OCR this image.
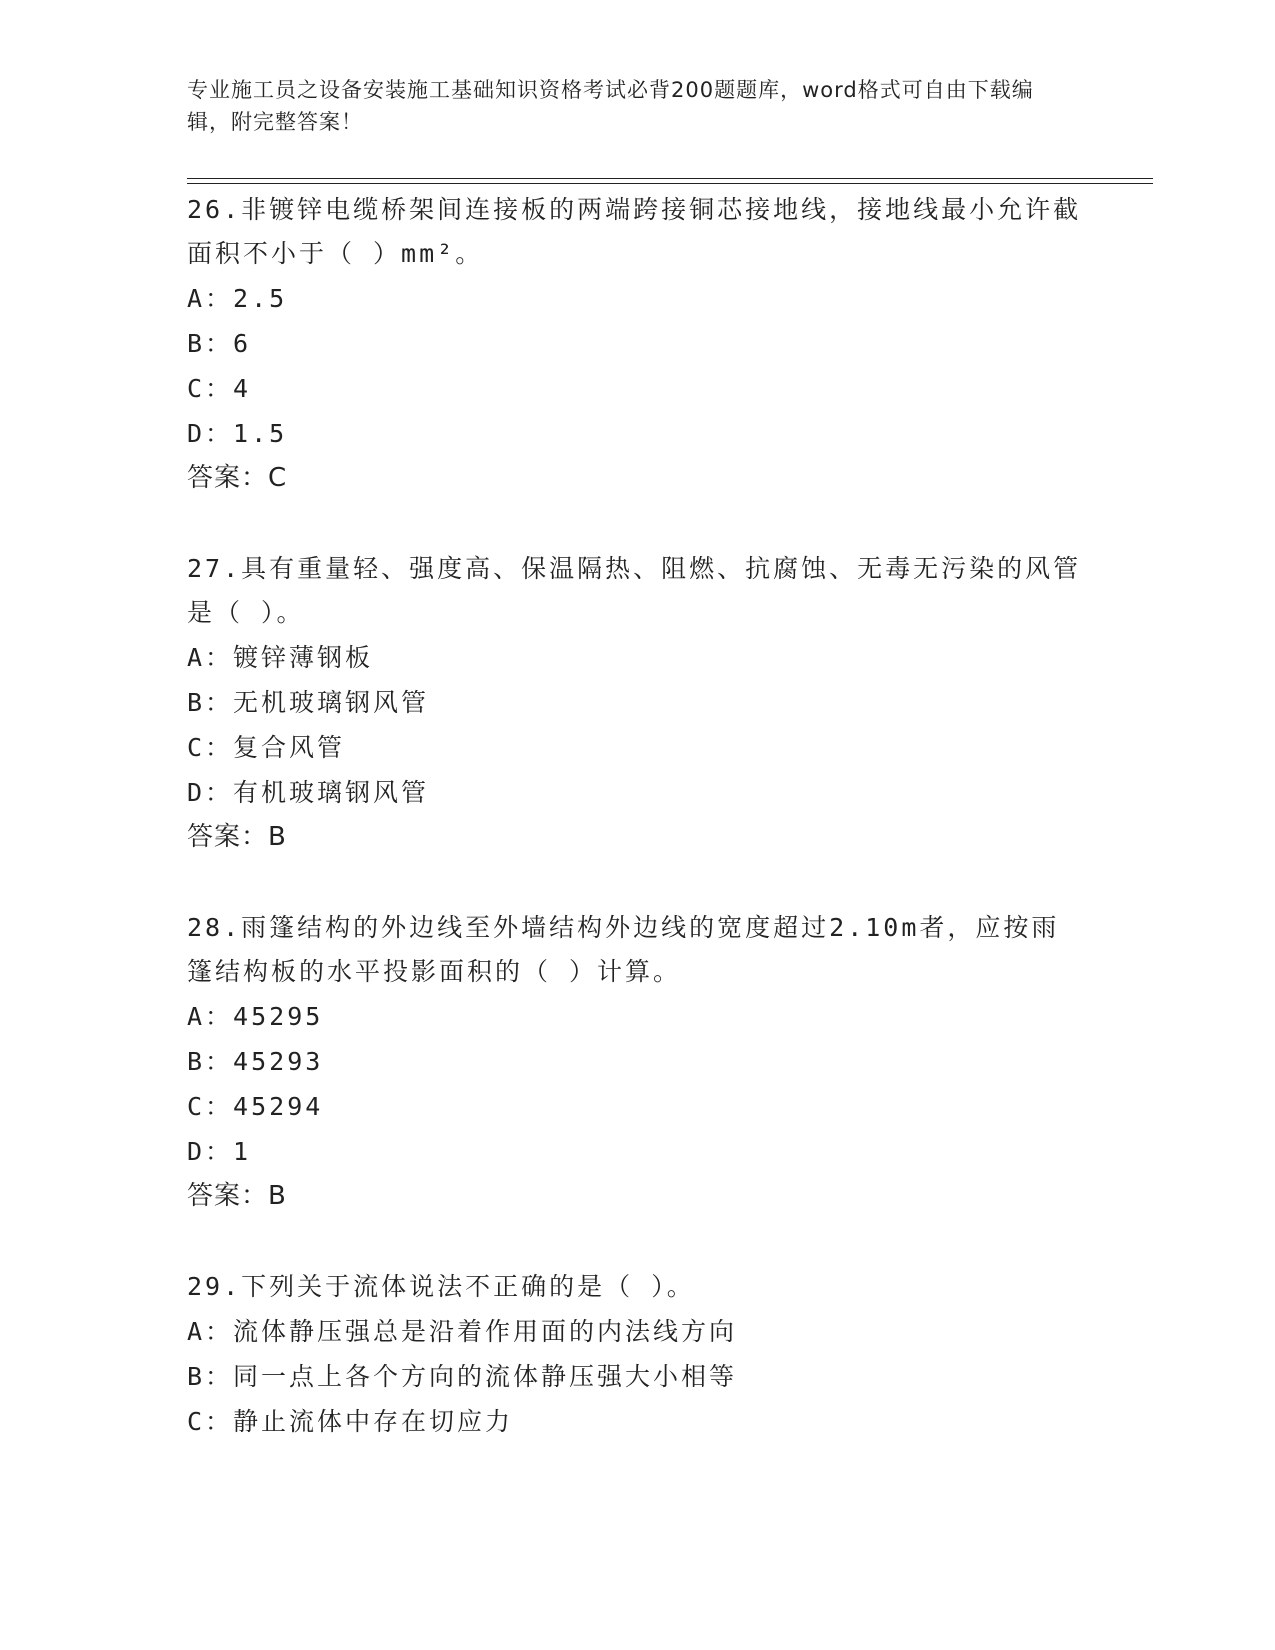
专业施工员之设备安装施工基础知识资格考试必背200题题库，word格式可自由下载编辑，附完整答案！

26.非镀锌电缆桥架间连接板的两端跨接铜芯接地线，接地线最小允许截面积不小于（ ）mm²。

A：2.5

B：6

C：4

D：1.5

答案：C

27.具有重量轻、强度高、保温隔热、阻燃、抗腐蚀、无毒无污染的风管是（ ）。

A：镀锌薄钢板

B：无机玻璃钢风管

C：复合风管

D：有机玻璃钢风管

答案：B

28.雨篷结构的外边线至外墙结构外边线的宽度超过2.10m者，应按雨篷结构板的水平投影面积的（ ）计算。

A：45295

B：45293

C：45294

D：1

答案：B

29.下列关于流体说法不正确的是（ ）。

A：流体静压强总是沿着作用面的内法线方向

B：同一点上各个方向的流体静压强大小相等

C：静止流体中存在切应力
